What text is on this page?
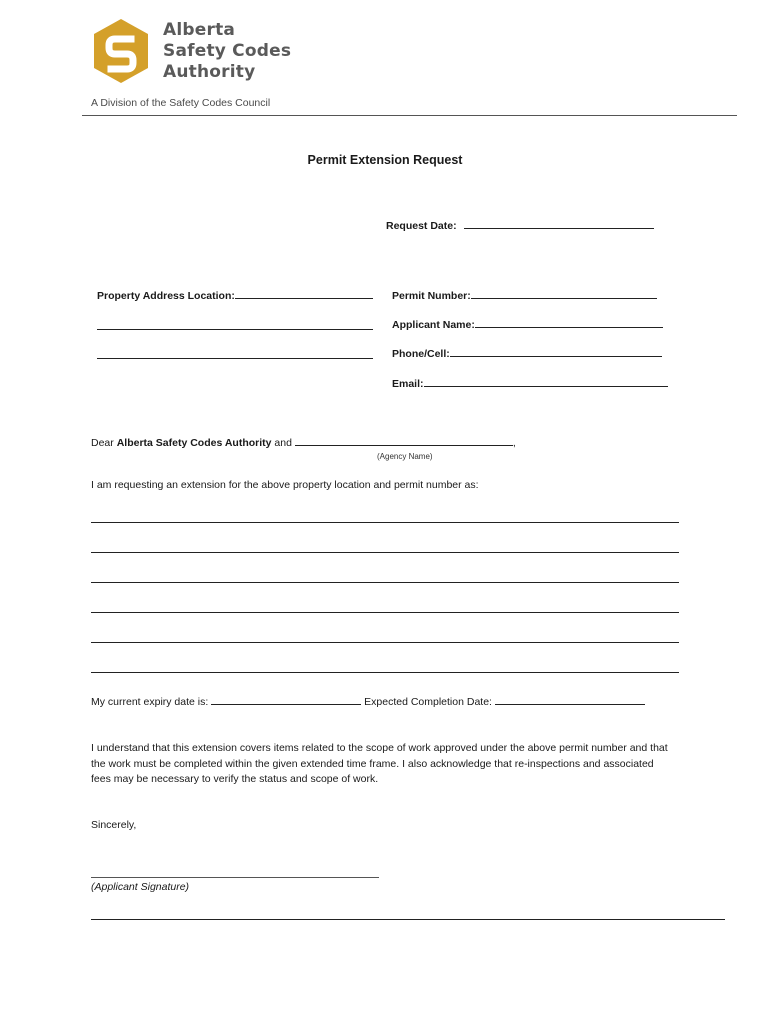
Alberta
Safety Codes
Authority
A Division of the Safety Codes Council
Permit Extension Request
Request Date:
Property Address Location:	Permit Number:
Applicant Name:
Phone/Cell:
Email:
Dear Alberta Safety Codes Authority and	,
(Agency Name)
I am requesting an extension for the above property location and permit number as:
My current expiry date is:	Expected Completion Date:
I understand that this extension covers items related to the scope of work approved under the above permit number and that the work must be completed within the given extended time frame. I also acknowledge that re-inspections and associated fees may be necessary to verify the status and scope of work.
Sincerely,
(Applicant Signature)
